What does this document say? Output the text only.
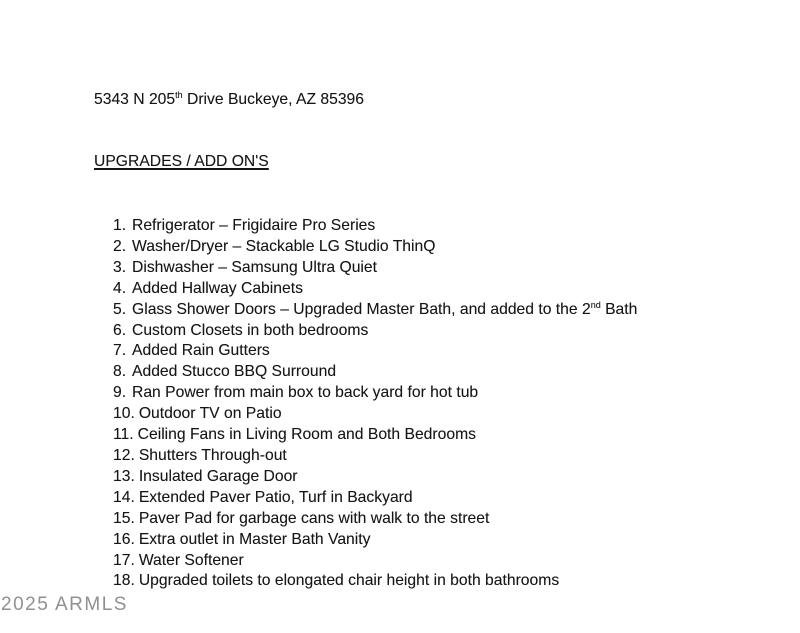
5343 N 205th Drive Buckeye, AZ 85396
UPGRADES / ADD ON'S
1. Refrigerator – Frigidaire Pro Series
2. Washer/Dryer – Stackable LG Studio ThinQ
3. Dishwasher – Samsung Ultra Quiet
4. Added Hallway Cabinets
5. Glass Shower Doors – Upgraded Master Bath, and added to the 2nd Bath
6. Custom Closets in both bedrooms
7. Added Rain Gutters
8. Added Stucco BBQ Surround
9. Ran Power from main box to back yard for hot tub
10. Outdoor TV on Patio
11. Ceiling Fans in Living Room and Both Bedrooms
12. Shutters Through-out
13. Insulated Garage Door
14. Extended Paver Patio, Turf in Backyard
15. Paver Pad for garbage cans with walk to the street
16. Extra outlet in Master Bath Vanity
17. Water Softener
18. Upgraded toilets to elongated chair height in both bathrooms
2025 ARMLS
